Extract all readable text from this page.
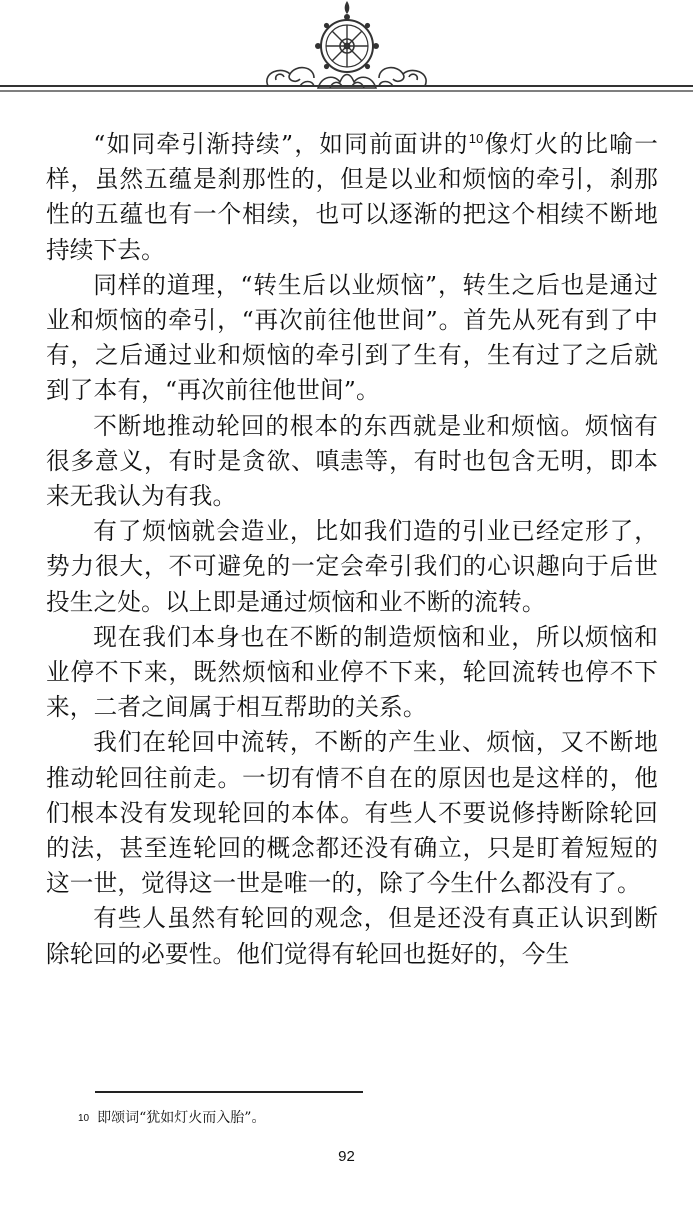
“如同牵引渐持续”，如同前面讲的$^{10}$像灯火的比喻一样，虽然五蕴是刹那性的，但是以业和烦恼的牵引，刹那性的五蕴也有一个相续，也可以逐渐的把这个相续不断地持续下去。

同样的道理，“转生后以业烦恼”，转生之后也是通过业和烦恼的牵引，“再次前往他世间”。首先从死有到了中有，之后通过业和烦恼的牵引到了生有，生有过了之后就到了本有，“再次前往他世间”。

不断地推动轮回的根本的东西就是业和烦恼。烦恼有很多意义，有时是贪欲、嗔恚等，有时也包含无明，即本来无我认为有我。

有了烦恼就会造业，比如我们造的引业已经定形了，势力很大，不可避免的一定会牵引我们的心识趣向于后世投生之处。以上即是通过烦恼和业不断的流转。

现在我们本身也在不断的制造烦恼和业，所以烦恼和业停不下来，既然烦恼和业停不下来，轮回流转也停不下来，二者之间属于相互帮助的关系。

我们在轮回中流转，不断的产生业、烦恼，又不断地推动轮回往前走。一切有情不自在的原因也是这样的，他们根本没有发现轮回的本体。有些人不要说修持断除轮回的法，甚至连轮回的概念都还没有确立，只是盯着短短的这一世，觉得这一世是唯一的，除了今生什么都没有了。

有些人虽然有轮回的观念，但是还没有真正认识到断除轮回的必要性。他们觉得有轮回也挺好的，今生

10 即颂词“犹如灯火而入胎”。
92
